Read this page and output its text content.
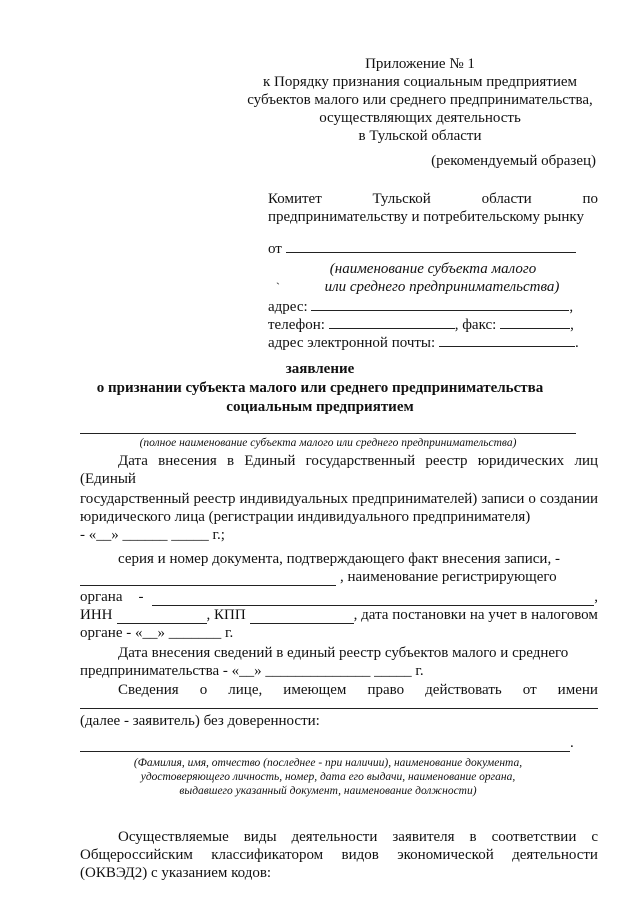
Приложение № 1
к Порядку признания социальным предприятием
субъектов малого или среднего предпринимательства,
осуществляющих деятельность
в Тульской области
(рекомендуемый образец)
Комитет	Тульской	области	по
предпринимательству и потребительскому рынку
от
(наименование субъекта малого
`	или среднего предпринимательства)
адрес:	,
телефон:	, факс:	,
адрес электронной почты:	.
заявление
о признании субъекта малого или среднего предпринимательства
социальным предприятием
(полное наименование субъекта малого или среднего предпринимательства)
Дата внесения в Единый государственный реестр юридических лиц (Единый
государственный реестр индивидуальных предпринимателей) записи о создании юридического лица (регистрации индивидуального предпринимателя)
- «__» ______ _____ г.;
серия и номер документа, подтверждающего факт внесения записи, -
, наименование регистрирующего
органа -	,
ИНН	, КПП	, дата постановки на учет в налоговом
органе - «__» _______ г.
Дата внесения сведений в единый реестр субъектов малого и среднего
предпринимательства - «__» ______________ _____ г.
Сведения о лице, имеющем право действовать от имени
(далее - заявитель) без доверенности:
.
(Фамилия, имя, отчество (последнее - при наличии), наименование документа,
удостоверяющего личность, номер, дата его выдачи, наименование органа,
выдавшего указанный документ, наименование должности)
Осуществляемые виды деятельности заявителя в соответствии с
Общероссийским классификатором видов экономической деятельности
(ОКВЭД2) с указанием кодов:
